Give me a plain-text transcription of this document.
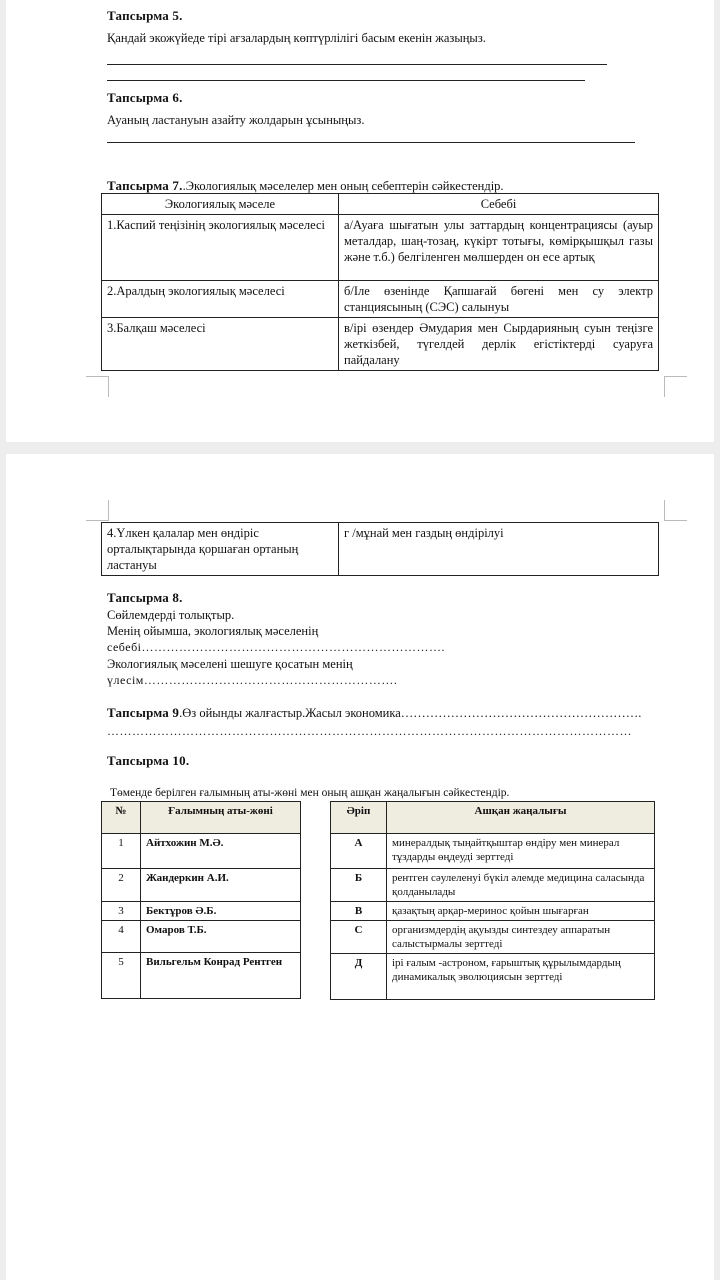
Тапсырма 5.
Қандай экожүйеде тірі ағзалардың көптүрлілігі басым екенін жазыңыз.
Тапсырма 6.
Ауаның ластануын азайту жолдарын ұсыныңыз.
Тапсырма 7..Экологиялық мәселелер мен оның себептерін сәйкестендір.
Экологиялық мәселе	Себебі
1.Каспий теңізінің экологиялық мәселесі	а/Ауаға шығатын улы заттардың концентрациясы (ауыр металдар, шаң-тозаң, күкірт тотығы, көмірқышқыл газы және т.б.) белгіленген мөлшерден он есе артық
2.Аралдың экологиялық мәселесі	б/Іле өзенінде Қапшағай бөгені мен су электр станциясының (СЭС) салынуы
3.Балқаш мәселесі	в/ірі өзендер Әмудария мен Сырдарияның суын теңізге жеткізбей, түгелдей дерлік егістіктерді суаруға пайдалану
4.Үлкен қалалар мен өндіріс орталықтарында қоршаған ортаның ластануы	г /мұнай мен газдың өндірілуі
Тапсырма 8.
Сөйлемдерді толықтыр.
Менің ойымша, экологиялық мәселенің
себебі……………………………………………………………….
Экологиялық мәселені шешуге қосатын менің
үлесім…………………………………………………….
Тапсырма 9.Өз ойынды жалғастыр.Жасыл экономика………………………………………………….
………………………………………………………………………………………………………………
Тапсырма 10.
Төменде берілген ғалымның аты-жөні мен оның ашқан жаңалығын сәйкестендір.
№	Ғалымның аты-жөні
1	Айтхожин М.Ә.
2	Жандеркин А.И.
3	Бектұров Ә.Б.
4	Омаров Т.Б.
5	Вильгельм Конрад Рентген
Әріп	Ашқан жаңалығы
А	минералдық тыңайтқыштар өндіру мен минерал тұздарды өңдеуді зерттеді
Б	рентген сәулеленуі бүкіл әлемде медицина саласында қолданылады
В	қазақтың арқар-меринос қойын шығарған
С	организмдердің ақуызды синтездеу аппаратын салыстырмалы зерттеді
Д	ірі ғалым -астроном, ғарыштық құрылымдардың динамикалық эволюциясын зерттеді
